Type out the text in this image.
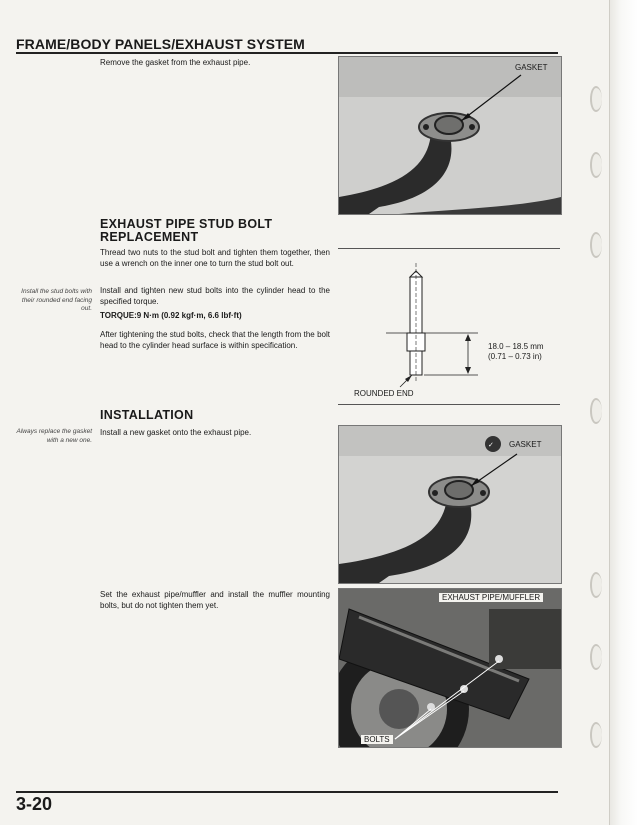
FRAME/BODY PANELS/EXHAUST SYSTEM
Remove the gasket from the exhaust pipe.
GASKET
EXHAUST PIPE STUD BOLT REPLACEMENT
Thread two nuts to the stud bolt and tighten them together, then use a wrench on the inner one to turn the stud bolt out.
Install the stud bolts with their rounded end facing out.
Install and tighten new stud bolts into the cylinder head to the specified torque.
TORQUE:9 N·m (0.92 kgf·m, 6.6 lbf·ft)
After tightening the stud bolts, check that the length from the bolt head to the cylinder head surface is within specification.	18.0 – 18.5 mm
(0.71 – 0.73 in)
ROUNDED END
INSTALLATION
Always replace the gasket with a new one.
Install a new gasket onto the exhaust pipe.
✓ GASKET
Set the exhaust pipe/muffler and install the muffler mounting bolts, but do not tighten them yet.
EXHAUST PIPE/MUFFLER
BOLTS
3-20
